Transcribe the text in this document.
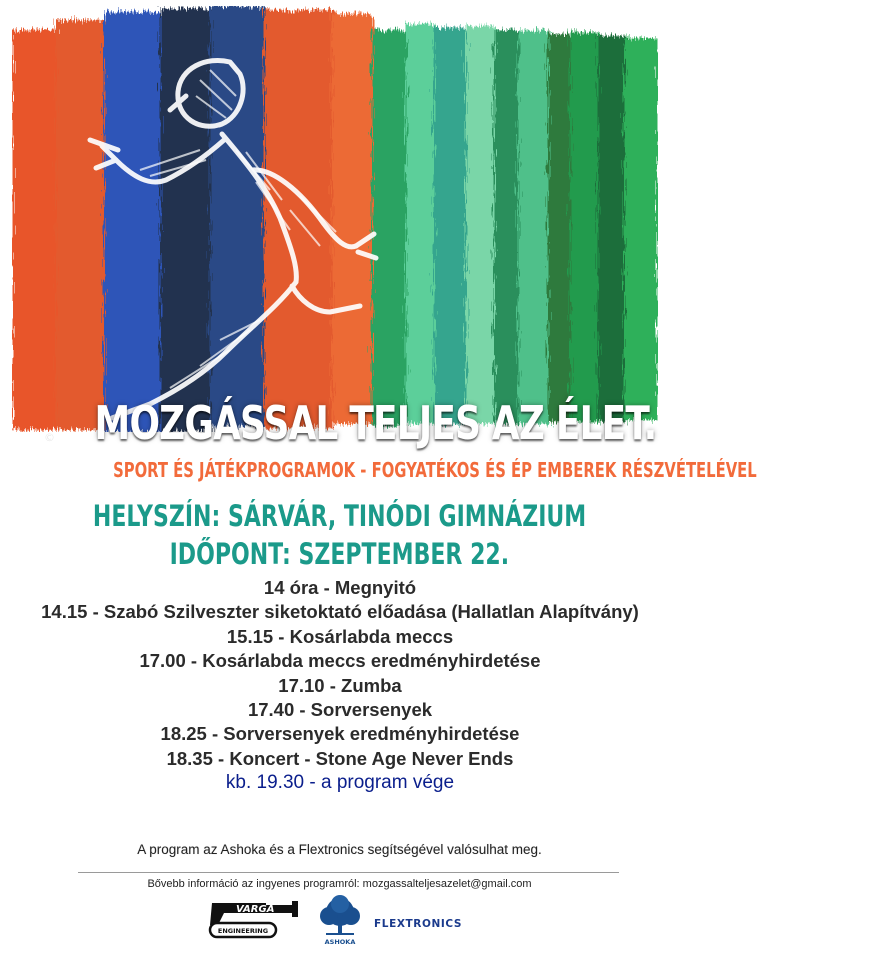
MOZGÁSSAL TELJES AZ ÉLET.
©
SPORT ÉS JÁTÉKPROGRAMOK - FOGYATÉKOS ÉS ÉP EMBEREK RÉSZVÉTELÉVEL
HELYSZÍN: SÁRVÁR, TINÓDI GIMNÁZIUM
IDŐPONT: SZEPTEMBER 22.
14 óra - Megnyitó
14.15 - Szabó Szilveszter siketoktató előadása (Hallatlan Alapítvány)
15.15 - Kosárlabda meccs
17.00 - Kosárlabda meccs eredményhirdetése
17.10 - Zumba
17.40 - Sorversenyek
18.25 - Sorversenyek eredményhirdetése
18.35 - Koncert - Stone Age Never Ends
kb. 19.30 - a program vége
A program az Ashoka és a Flextronics segítségével valósulhat meg.
Bővebb információ az ingyenes programról: mozgassalteljesazelet@gmail.com
VARGA
ENGINEERING
ASHOKA
FLEXTRONICS
